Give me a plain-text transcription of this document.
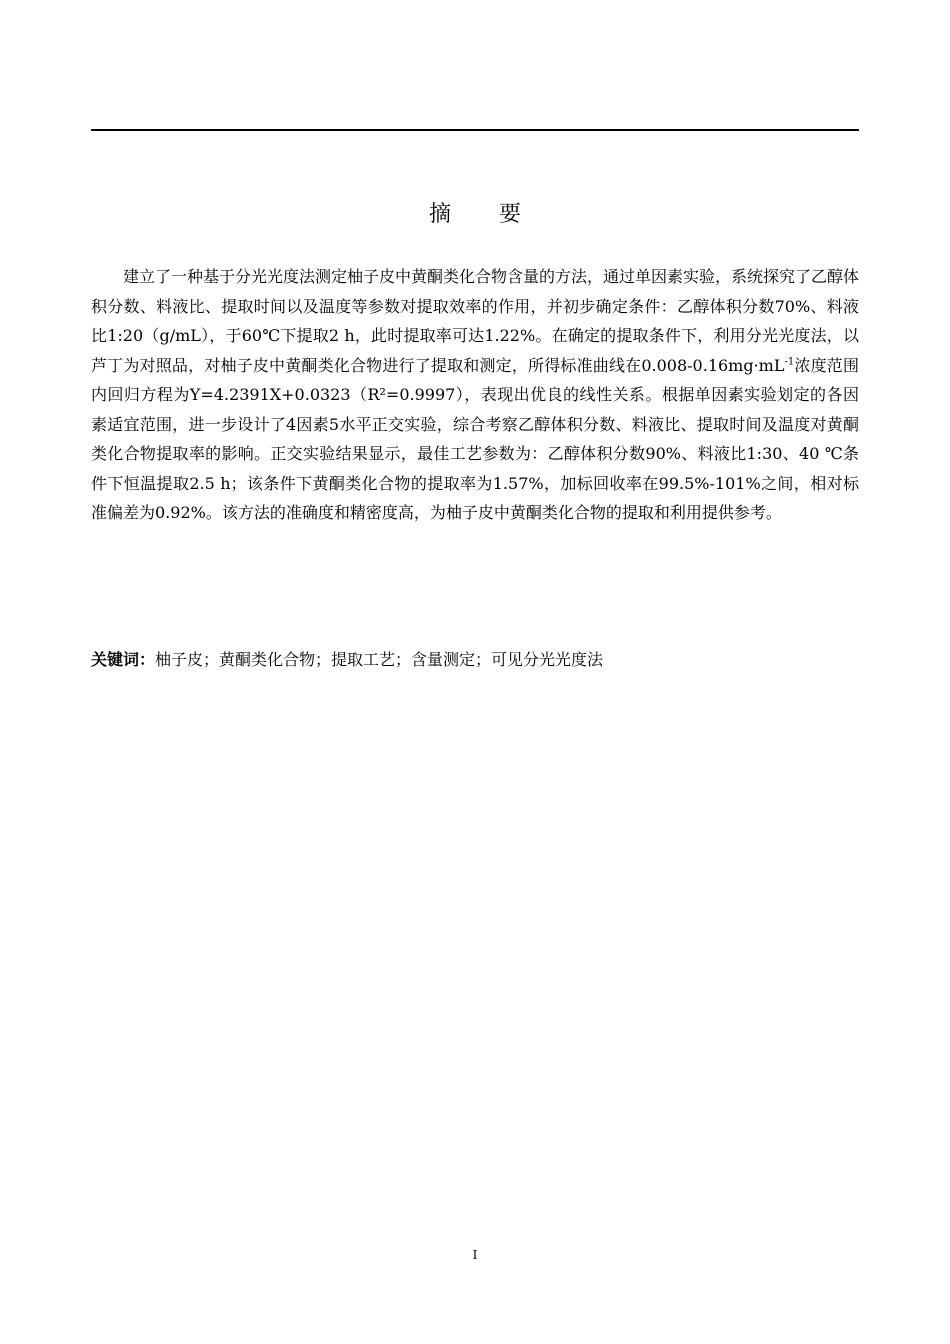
摘 要

建立了一种基于分光光度法测定柚子皮中黄酮类化合物含量的方法，通过单因素实验，系统探究了乙醇体积分数、料液比、提取时间以及温度等参数对提取效率的作用，并初步确定条件：乙醇体积分数70%、料液比1:20（g/mL），于60℃下提取2 h，此时提取率可达1.22%。在确定的提取条件下，利用分光光度法，以芦丁为对照品，对柚子皮中黄酮类化合物进行了提取和测定，所得标准曲线在$0.008-0.16mg\cdot mL^{-1}$浓度范围内回归方程为Y=4.2391X+0.0323（R²=0.9997），表现出优良的线性关系。根据单因素实验划定的各因素适宜范围，进一步设计了4因素5水平正交实验，综合考察乙醇体积分数、料液比、提取时间及温度对黄酮类化合物提取率的影响。正交实验结果显示，最佳工艺参数为：乙醇体积分数90%、料液比1:30、40 ℃条件下恒温提取2.5 h；该条件下黄酮类化合物的提取率为1.57%，加标回收率在99.5%-101%之间，相对标准偏差为0.92%。该方法的准确度和精密度高，为柚子皮中黄酮类化合物的提取和利用提供参考。

关键词：柚子皮；黄酮类化合物；提取工艺；含量测定；可见分光光度法

I
